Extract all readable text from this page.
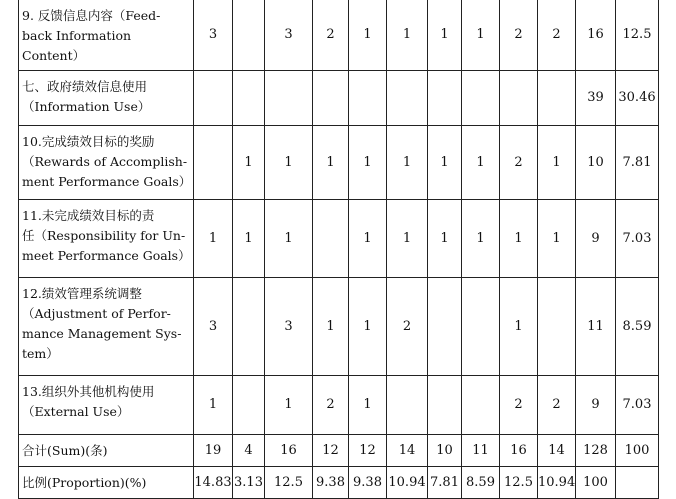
9. 反馈信息内容（Feed-
back Information Content）	3		3	2	1	1	1	1	2	2	16	12.5
七、政府绩效信息使用
（Information Use）											39	30.46
10.完成绩效目标的奖励
（Rewards of Accomplish-
ment Performance Goals）		1	1	1	1	1	1	1	2	1	10	7.81
11.未完成绩效目标的责
任（Responsibility for Un-
meet Performance Goals）	1	1	1		1	1	1	1	1	1	9	7.03
12.绩效管理系统调整
（Adjustment of Perfor-
mance Management Sys-
tem）	3		3	1	1	2			1		11	8.59
13.组织外其他机构使用
（External Use）	1		1	2	1				2	2	9	7.03
合计(Sum)(条)	19	4	16	12	12	14	10	11	16	14	128	100
比例(Proportion)(%)	14.83	3.13	12.5	9.38	9.38	10.94	7.81	8.59	12.5	10.94	100	
